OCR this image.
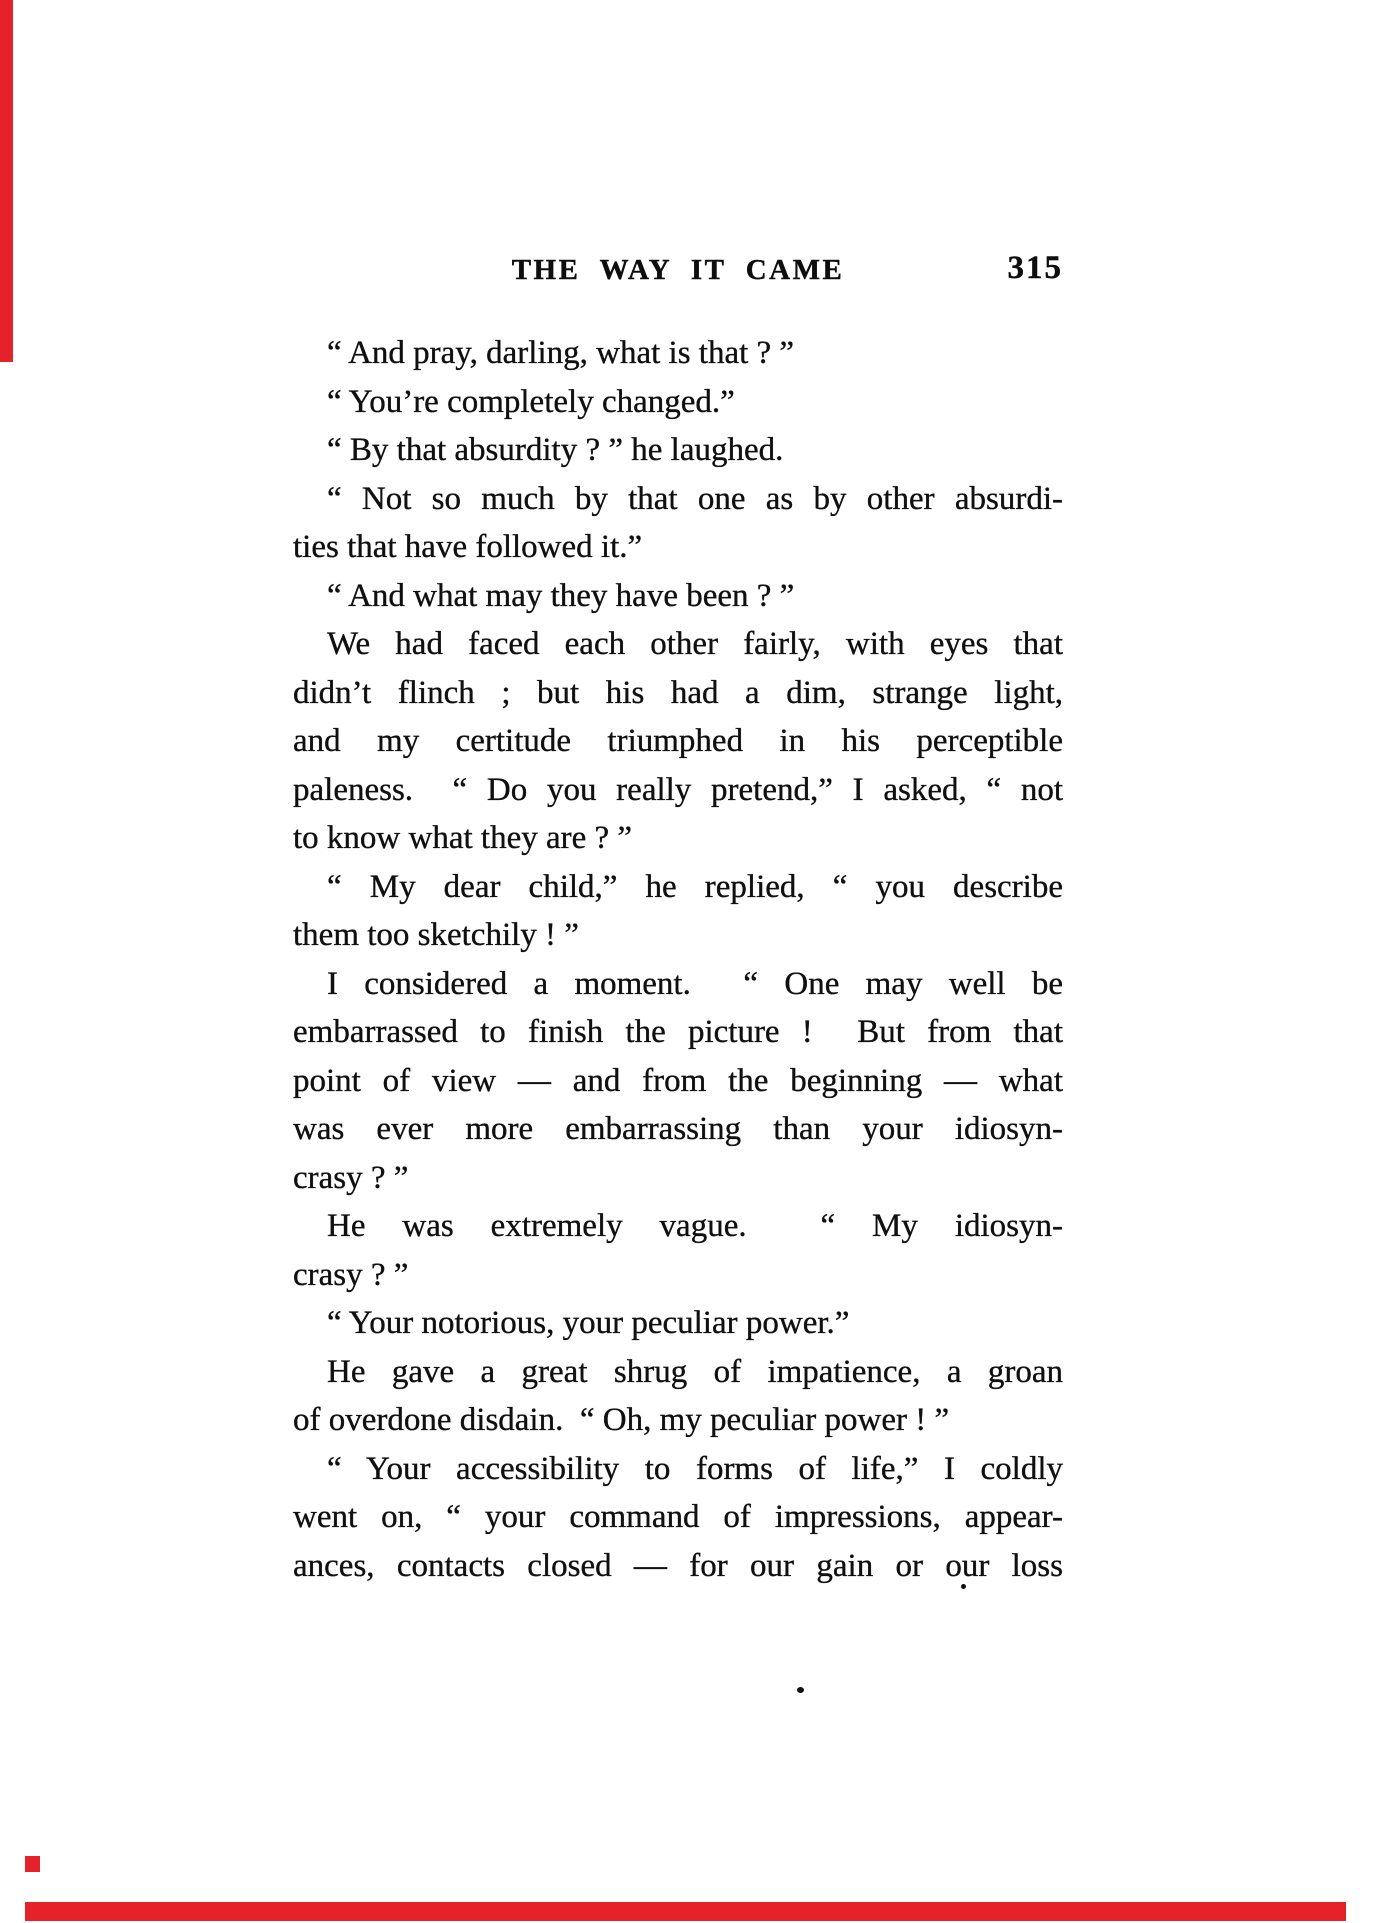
THE WAY IT CAME	315
“ And pray, darling, what is that ? ”
“ You’re completely changed.”
“ By that absurdity ? ” he laughed.
“ Not so much by that one as by other absurdi-
ties that have followed it.”
“ And what may they have been ? ”
We had faced each other fairly, with eyes that
didn’t flinch ; but his had a dim, strange light,
and my certitude triumphed in his perceptible
paleness.  “ Do you really pretend,” I asked, “ not
to know what they are ? ”
“ My dear child,” he replied, “ you describe
them too sketchily ! ”
I considered a moment.  “ One may well be
embarrassed to finish the picture !  But from that
point of view — and from the beginning — what
was ever more embarrassing than your idiosyn-
crasy ? ”
He was extremely vague.  “ My idiosyn-
crasy ? ”
“ Your notorious, your peculiar power.”
He gave a great shrug of impatience, a groan
of overdone disdain.  “ Oh, my peculiar power ! ”
“ Your accessibility to forms of life,” I coldly
went on, “ your command of impressions, appear-
ances, contacts closed — for our gain or our loss
